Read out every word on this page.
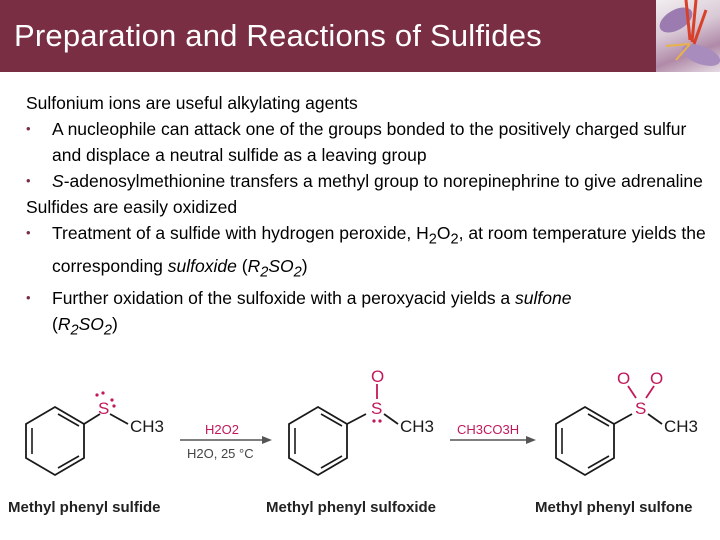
Preparation and Reactions of Sulfides

Sulfonium ions are useful alkylating agents

• A nucleophile can attack one of the groups bonded to the positively charged sulfur and displace a neutral sulfide as a leaving group

• S-adenosylmethionine transfers a methyl group to norepinephrine to give adrenaline

Sulfides are easily oxidized

• Treatment of a sulfide with hydrogen peroxide, $H_2O_2$, at room temperature yields the corresponding sulfoxide $(R_2SO_2)$

• Further oxidation of the sulfoxide with a peroxyacid yields a sulfone
$(R_2SO_2)$

S
CH3	H2O2
H2O, 25 °C
S
O
CH3 CH3CO3H
S
O O
CH3
Methyl phenyl sulfide	Methyl phenyl sulfoxide	Methyl phenyl sulfone
